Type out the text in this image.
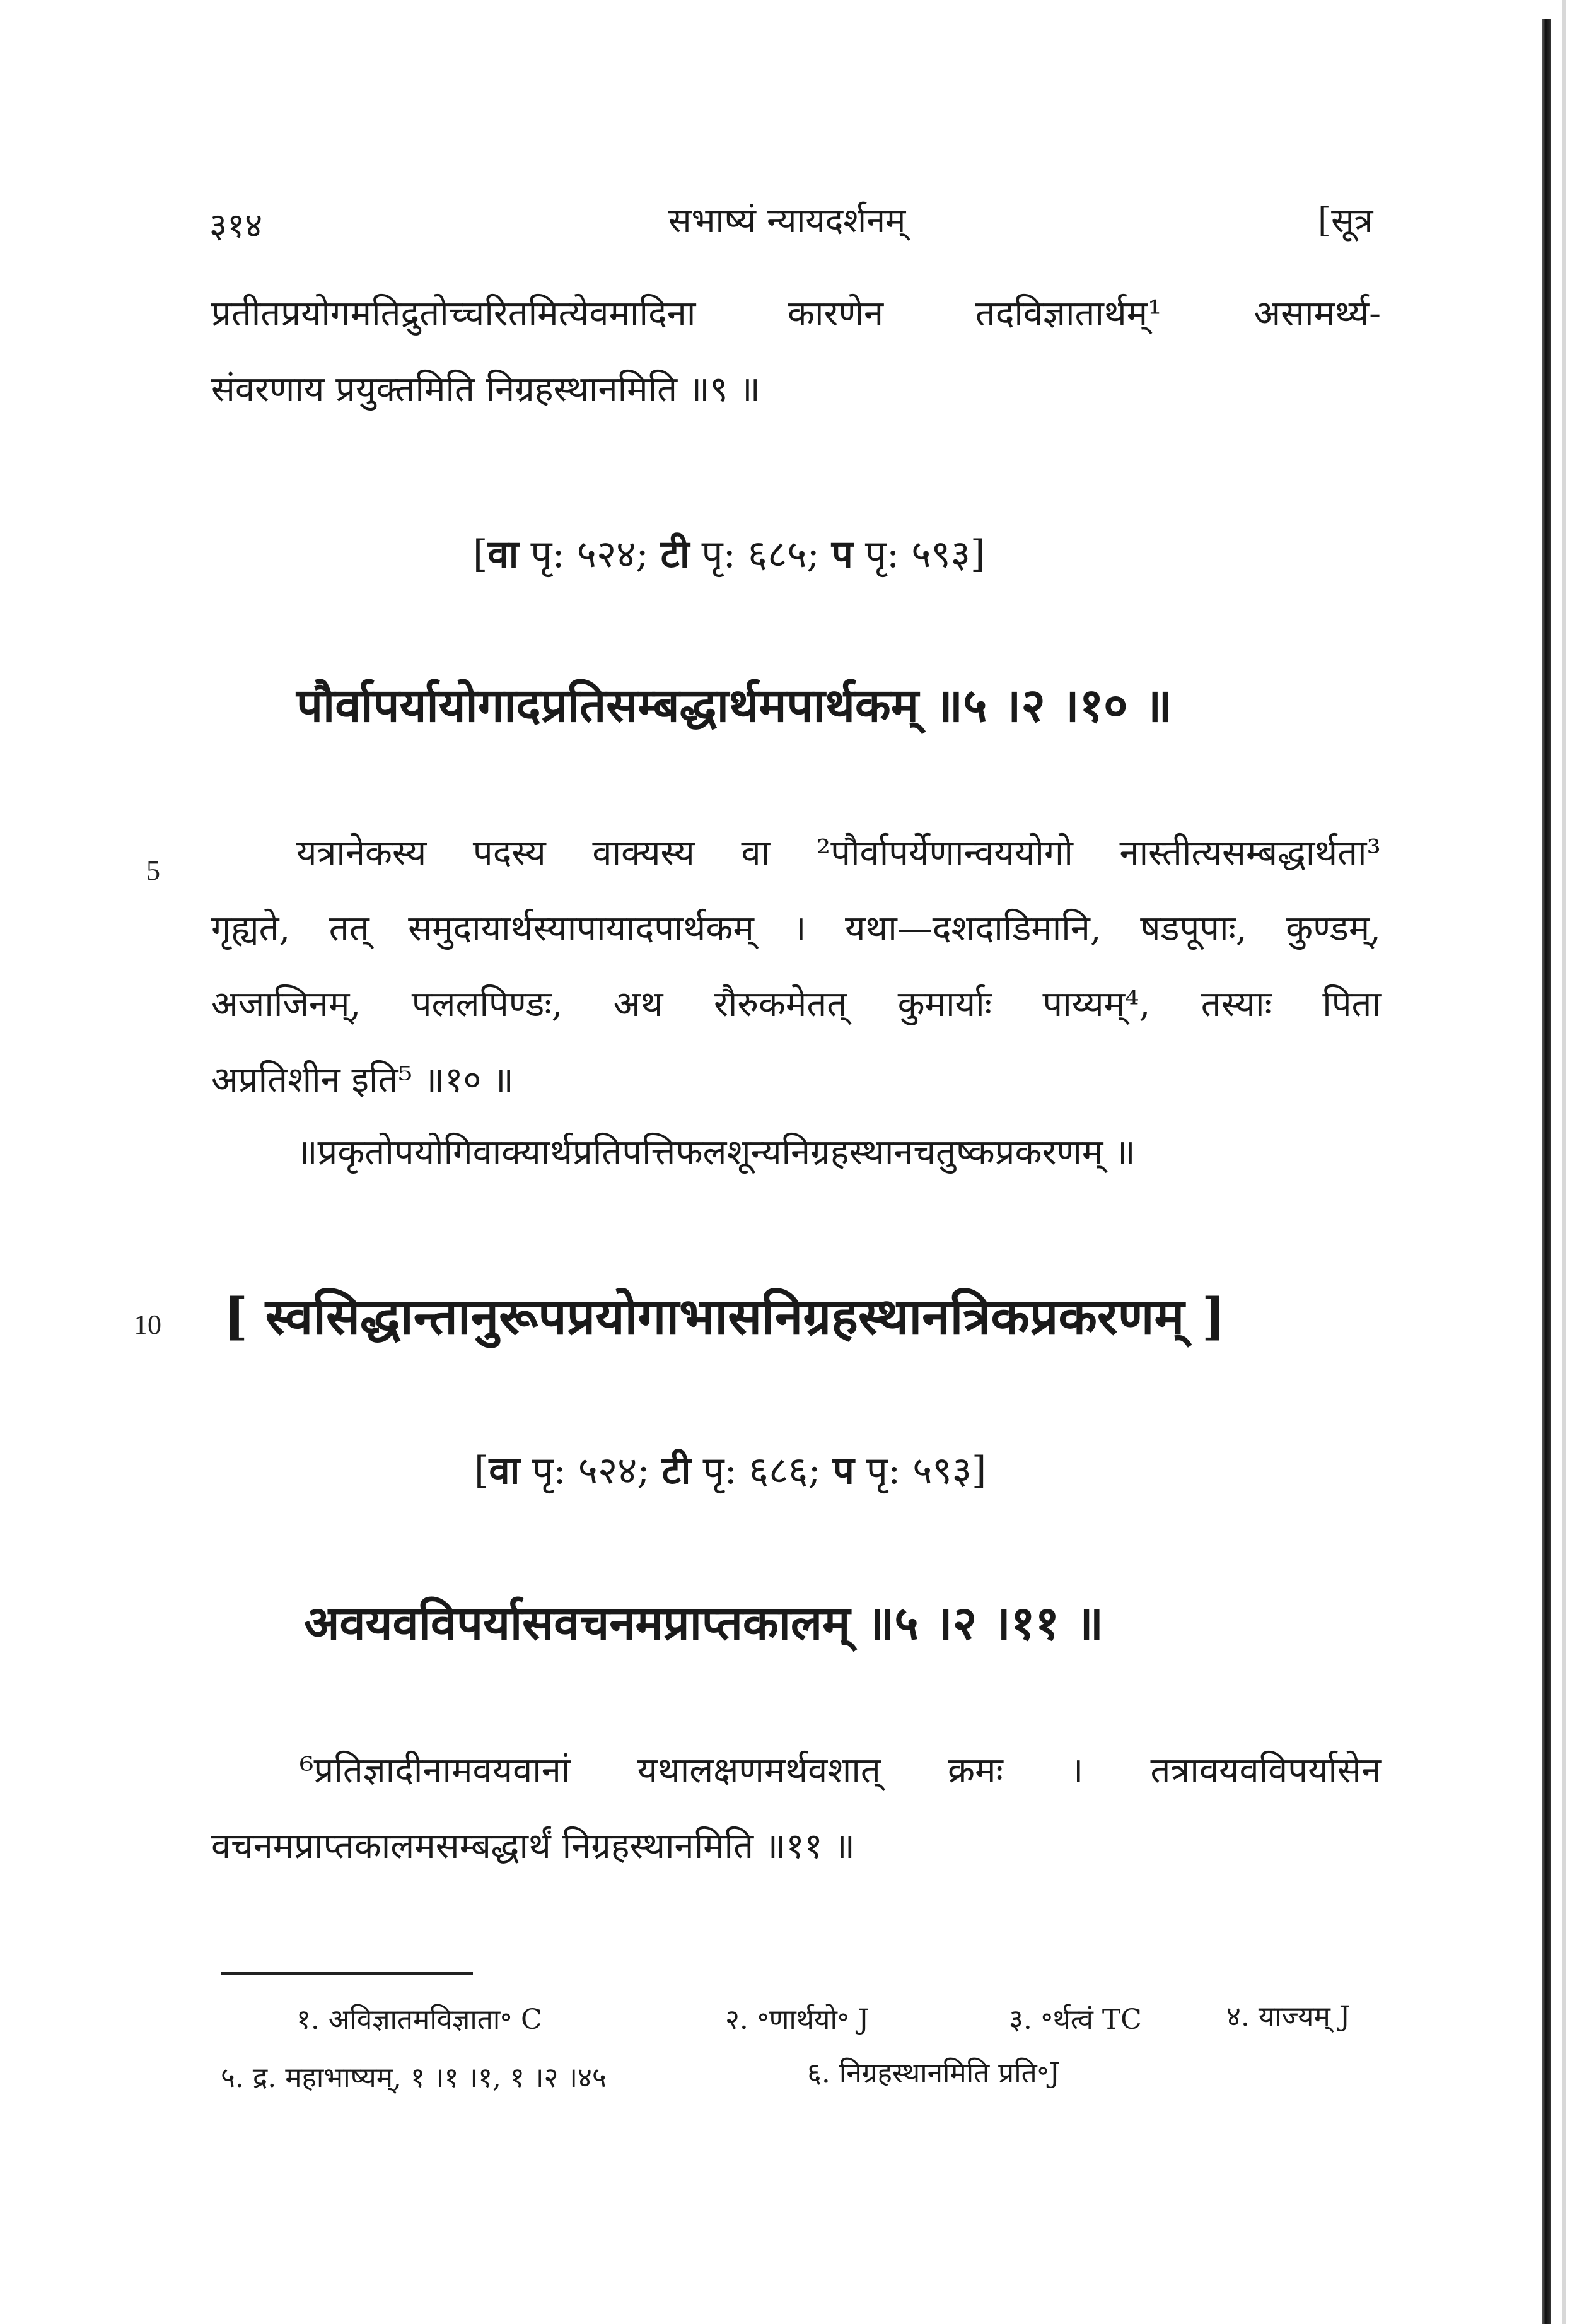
३१४	सभाष्यं न्यायदर्शनम्	[सूत्र
प्रतीतप्रयोगमतिद्रुतोच्चरितमित्येवमादिना कारणेन तदविज्ञातार्थम्¹ असामर्थ्य-
संवरणाय प्रयुक्तमिति निग्रहस्थानमिति ॥९ ॥
[वा पृ: ५२४; टी पृ: ६८५; प पृ: ५९३]
पौर्वापर्यायोगादप्रतिसम्बद्धार्थमपार्थकम् ॥५ ।२ ।१० ॥
5	यत्रानेकस्य पदस्य वाक्यस्य वा ²पौर्वापर्येणान्वययोगो नास्तीत्यसम्बद्धार्थता³
गृह्यते, तत् समुदायार्थस्यापायादपार्थकम् । यथा—दशदाडिमानि, षडपूपाः, कुण्डम्,
अजाजिनम्, पललपिण्डः, अथ रौरुकमेतत् कुमार्याः पाय्यम्⁴, तस्याः पिता
अप्रतिशीन इति⁵ ॥१० ॥
॥प्रकृतोपयोगिवाक्यार्थप्रतिपत्तिफलशून्यनिग्रहस्थानचतुष्कप्रकरणम् ॥
10 [ स्वसिद्धान्तानुरूपप्रयोगाभासनिग्रहस्थानत्रिकप्रकरणम् ]
[वा पृ: ५२४; टी पृ: ६८६; प पृ: ५९३]
अवयवविपर्यासवचनमप्राप्तकालम् ॥५ ।२ ।११ ॥
⁶प्रतिज्ञादीनामवयवानां यथालक्षणमर्थवशात् क्रमः । तत्रावयवविपर्यासेन
वचनमप्राप्तकालमसम्बद्धार्थं निग्रहस्थानमिति ॥११ ॥
१. अविज्ञातमविज्ञाता॰ C	२. ॰णार्थयो॰ J	३. ॰र्थत्वं TC	४. याज्यम् J
५. द्र. महाभाष्यम्, १ ।१ ।१, १ ।२ ।४५	६. निग्रहस्थानमिति प्रति॰J
